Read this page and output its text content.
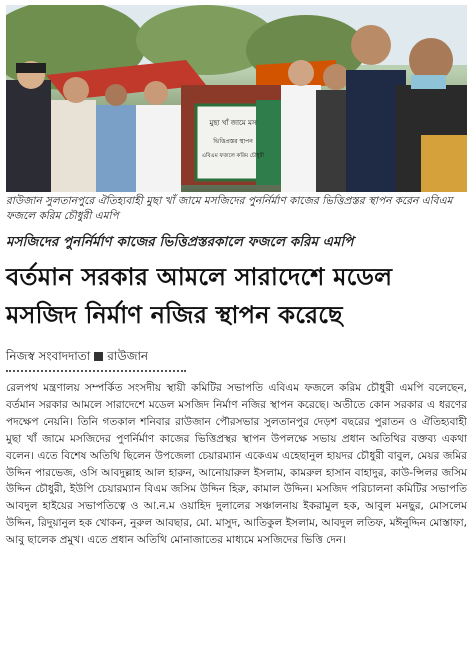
মুছা খাঁ জামে মস
ভিত্তিপ্রস্তর স্থাপন
এবিএম ফজলে করিম চৌধুরী
রাউজান সুলতানপুরে ঐতিহ্যবাহী মুছা খাঁ জামে মসজিদের পুনর্নির্মাণ কাজের ভিত্তিপ্রস্তর স্থাপন করেন এবিএম ফজলে করিম চৌধুরী এমপি
মসজিদের পুনর্নির্মাণ কাজের ভিত্তিপ্রস্তরকালে ফজলে করিম এমপি
বর্তমান সরকার আমলে সারাদেশে মডেল
মসজিদ নির্মাণ নজির স্থাপন করেছে
নিজস্ব সংবাদদাতা রাউজান
রেলপথ মন্ত্রণালয় সম্পর্কিত সংসদীয় স্থায়ী কমিটির সভাপতি এবিএম ফজলে করিম চৌধুরী এমপি বলেছেন, বর্তমান সরকার আমলে সারাদেশে মডেল মসজিদ নির্মাণ নজির স্থাপন করেছে। অতীতে কোন সরকার এ ধরণের পদক্ষেপ নেয়নি। তিনি গতকাল শনিবার রাউজান পৌরসভার সুলতানপুর দেড়শ বছরের পুরাতন ও ঐতিহ্যবাহী মুছা খাঁ জামে মসজিদের পুণর্নির্মাণ কাজের ভিত্তিপ্রস্থর স্থাপন উপলক্ষে সভায় প্রধান অতিথির বক্তব্য একথা বলেন। এতে বিশেষ অতিথি ছিলেন উপজেলা চেয়ারম্যান একেএম এহেছানুল হায়দর চৌধুরী বাবুল, মেয়র জমির উদ্দিন পারভেজ, ওসি আবদুল্লাহ আল হারুন, আনোয়ারুল ইসলাম, কামরুল হাসান বাহাদুর, কাউ-ন্সিলর জসিম উদ্দিন চৌধুরী, ইউপি চেয়ারম্যান বিএম জসিম উদ্দিন হিরু, কামাল উদ্দিন। মসজিদ পরিচালনা কমিটির সভাপতি আবদুল হাইয়ের সভাপতিত্বে ও আ.ন.ম ওয়াহিদ দুলালের সঞ্চালনায় ইকরামুল হক, আবুল মনছুর, মোসলেম উদ্দিন, রিদুয়ানুল হক খোকন, নুরুল আবছার, মো. মাসুদ, আতিকুল ইসলাম, আবদুল লতিফ, মঈনুদ্দিন মোস্তাফা, আবু ছালেক প্রমুখ। এতে প্রধান অতিথি মোনাজাতের মাধ্যমে মসজিদের ভিত্তি দেন।
